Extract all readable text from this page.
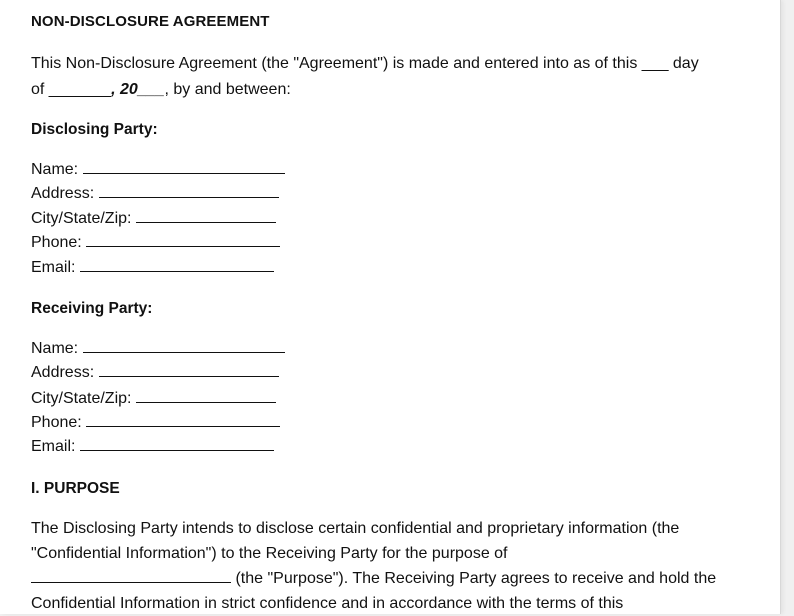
NON-DISCLOSURE AGREEMENT
This Non-Disclosure Agreement (the "Agreement") is made and entered into as of this ___ day
of _______, 20___, by and between:
Disclosing Party:
Name:
Address:
City/State/Zip:
Phone:
Email:
Receiving Party:
Name:
Address:
City/State/Zip:
Phone:
Email:
I. PURPOSE
The Disclosing Party intends to disclose certain confidential and proprietary information (the
"Confidential Information") to the Receiving Party for the purpose of
(the "Purpose"). The Receiving Party agrees to receive and hold the
Confidential Information in strict confidence and in accordance with the terms of this
